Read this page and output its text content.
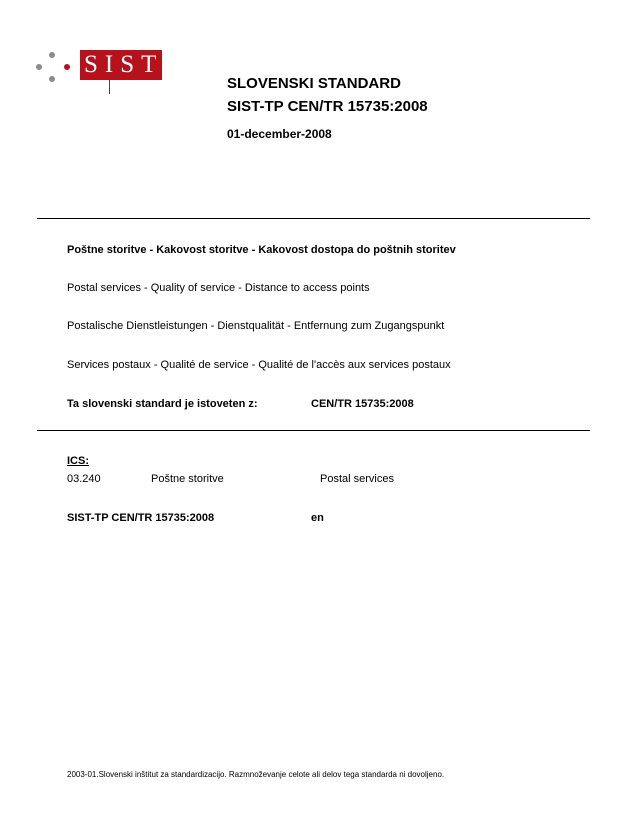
SIST
SLOVENSKI STANDARD
SIST-TP CEN/TR 15735:2008
01-december-2008
Poštne storitve - Kakovost storitve - Kakovost dostopa do poštnih storitev
Postal services - Quality of service - Distance to access points
Postalische Dienstleistungen - Dienstqualität - Entfernung zum Zugangspunkt
Services postaux - Qualité de service - Qualité de l'accès aux services postaux
Ta slovenski standard je istoveten z:	CEN/TR 15735:2008
ICS:
03.240	Poštne storitve	Postal services
SIST-TP CEN/TR 15735:2008	en
2003-01.Slovenski inštitut za standardizacijo. Razmnoževanje celote ali delov tega standarda ni dovoljeno.
